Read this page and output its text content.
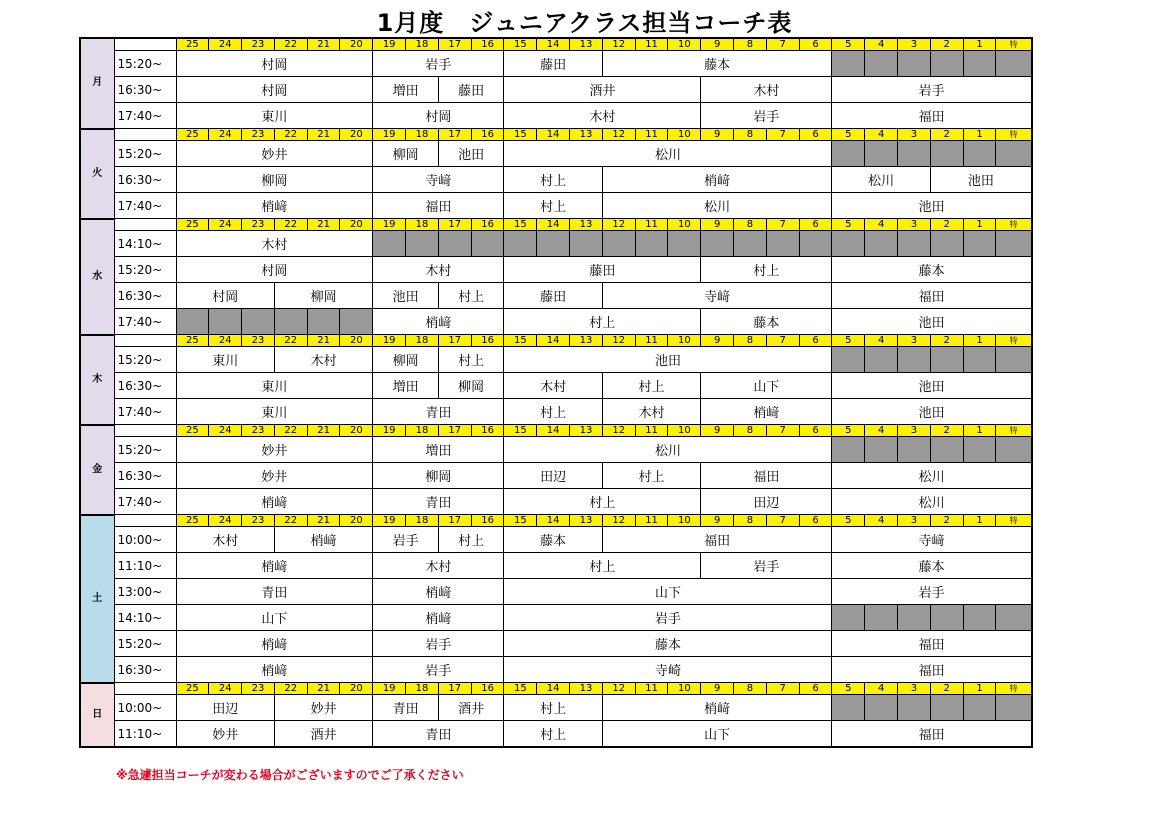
1月度　ジュニアクラス担当コーチ表
月		25	24	23	22	21	20	19	18	17	16	15	14	13	12	11	10	9	8	7	6	5	4	3	2	1	特
	15:20~	村岡						岩手				藤田			藤本												
	16:30~	村岡						増田		藤田		酒井						木村				岩手					
	17:40~	東川						村岡				木村						岩手				福田					
火		25	24	23	22	21	20	19	18	17	16	15	14	13	12	11	10	9	8	7	6	5	4	3	2	1	特
	15:20~	妙井						柳岡		池田		松川															
	16:30~	柳岡						寺﨑				村上			梢﨑							松川			池田		
	17:40~	梢﨑						福田				村上			松川							池田					
水		25	24	23	22	21	20	19	18	17	16	15	14	13	12	11	10	9	8	7	6	5	4	3	2	1	特
	14:10~	木村																									
	15:20~	村岡						木村				藤田						村上				藤本					
	16:30~	村岡			柳岡			池田		村上		藤田			寺﨑							福田					
	17:40~							梢﨑				村上						藤本				池田					
木		25	24	23	22	21	20	19	18	17	16	15	14	13	12	11	10	9	8	7	6	5	4	3	2	1	特
	15:20~	東川			木村			柳岡		村上		池田															
	16:30~	東川						増田		柳岡		木村			村上			山下				池田					
	17:40~	東川						青田				村上			木村			梢﨑				池田					
金		25	24	23	22	21	20	19	18	17	16	15	14	13	12	11	10	9	8	7	6	5	4	3	2	1	特
	15:20~	妙井						増田				松川															
	16:30~	妙井						柳岡				田辺			村上			福田				松川					
	17:40~	梢﨑						青田				村上						田辺				松川					
土		25	24	23	22	21	20	19	18	17	16	15	14	13	12	11	10	9	8	7	6	5	4	3	2	1	特
	10:00~	木村			梢﨑			岩手		村上		藤本			福田							寺﨑					
	11:10~	梢﨑						木村				村上						岩手				藤本					
	13:00~	青田						梢﨑				山下										岩手					
	14:10~	山下						梢﨑				岩手															
	15:20~	梢﨑						岩手				藤本										福田					
	16:30~	梢﨑						岩手				寺崎										福田					
日		25	24	23	22	21	20	19	18	17	16	15	14	13	12	11	10	9	8	7	6	5	4	3	2	1	特
	10:00~	田辺			妙井			青田		酒井		村上			梢﨑												
	11:10~	妙井			酒井			青田				村上			山下							福田					
※急遽担当コーチが変わる場合がございますのでご了承ください
